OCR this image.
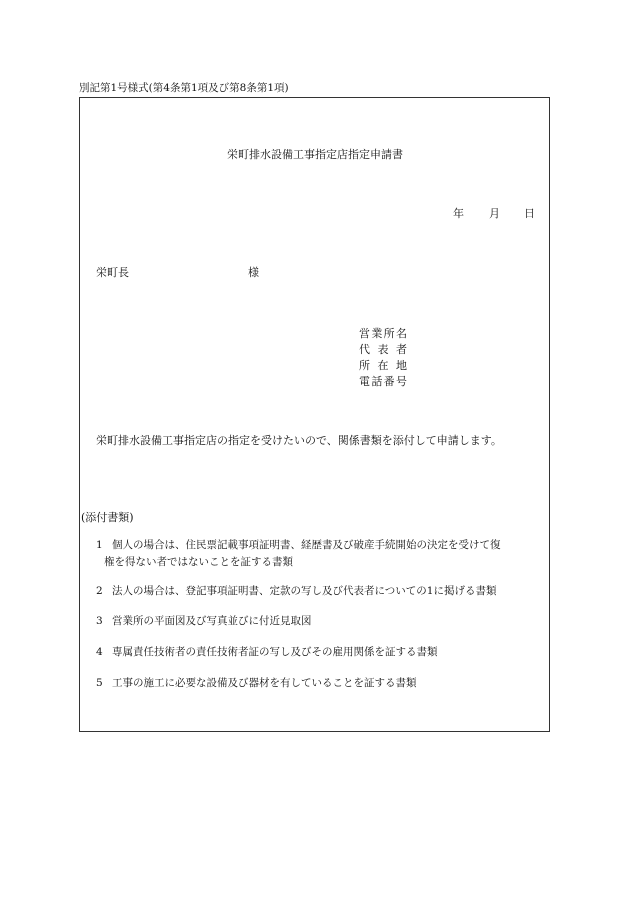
別記第1号様式(第4条第1項及び第8条第1項)
栄町排水設備工事指定店指定申請書
年 月 日
栄町長	様
営業所名
代 表 者
所 在 地
電話番号
栄町排水設備工事指定店の指定を受けたいので、関係書類を添付して申請します。
(添付書類)
1 個人の場合は、住民票記載事項証明書、経歴書及び破産手続開始の決定を受けて復
権を得ない者ではないことを証する書類
2 法人の場合は、登記事項証明書、定款の写し及び代表者についての1に掲げる書類
3 営業所の平面図及び写真並びに付近見取図
4 専属責任技術者の責任技術者証の写し及びその雇用関係を証する書類
5 工事の施工に必要な設備及び器材を有していることを証する書類
